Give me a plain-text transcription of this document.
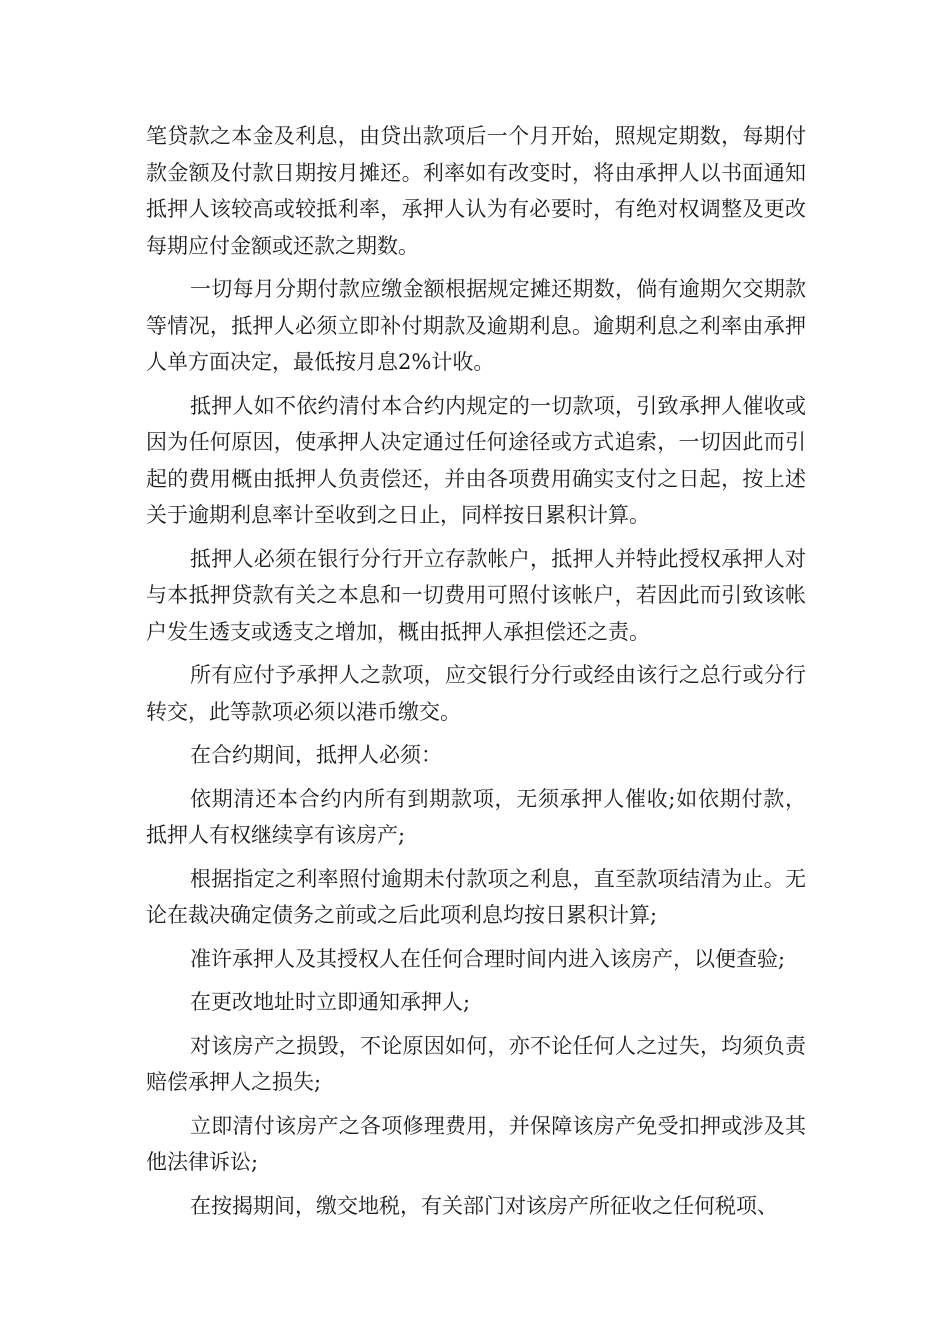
笔贷款之本金及利息，由贷出款项后一个月开始，照规定期数，每期付款金额及付款日期按月摊还。利率如有改变时，将由承押人以书面通知抵押人该较高或较抵利率，承押人认为有必要时，有绝对权调整及更改每期应付金额或还款之期数。

一切每月分期付款应缴金额根据规定摊还期数，倘有逾期欠交期款等情况，抵押人必须立即补付期款及逾期利息。逾期利息之利率由承押人单方面决定，最低按月息2%计收。

抵押人如不依约清付本合约内规定的一切款项，引致承押人催收或因为任何原因，使承押人决定通过任何途径或方式追索，一切因此而引起的费用概由抵押人负责偿还，并由各项费用确实支付之日起，按上述关于逾期利息率计至收到之日止，同样按日累积计算。

抵押人必须在银行分行开立存款帐户，抵押人并特此授权承押人对与本抵押贷款有关之本息和一切费用可照付该帐户，若因此而引致该帐户发生透支或透支之增加，概由抵押人承担偿还之责。

所有应付予承押人之款项，应交银行分行或经由该行之总行或分行转交，此等款项必须以港币缴交。

在合约期间，抵押人必须：

依期清还本合约内所有到期款项，无须承押人催收;如依期付款，抵押人有权继续享有该房产;

根据指定之利率照付逾期未付款项之利息，直至款项结清为止。无论在裁决确定债务之前或之后此项利息均按日累积计算;

准许承押人及其授权人在任何合理时间内进入该房产，以便查验;

在更改地址时立即通知承押人;

对该房产之损毁，不论原因如何，亦不论任何人之过失，均须负责赔偿承押人之损失;

立即清付该房产之各项修理费用，并保障该房产免受扣押或涉及其他法律诉讼;

在按揭期间，缴交地税，有关部门对该房产所征收之任何税项、
